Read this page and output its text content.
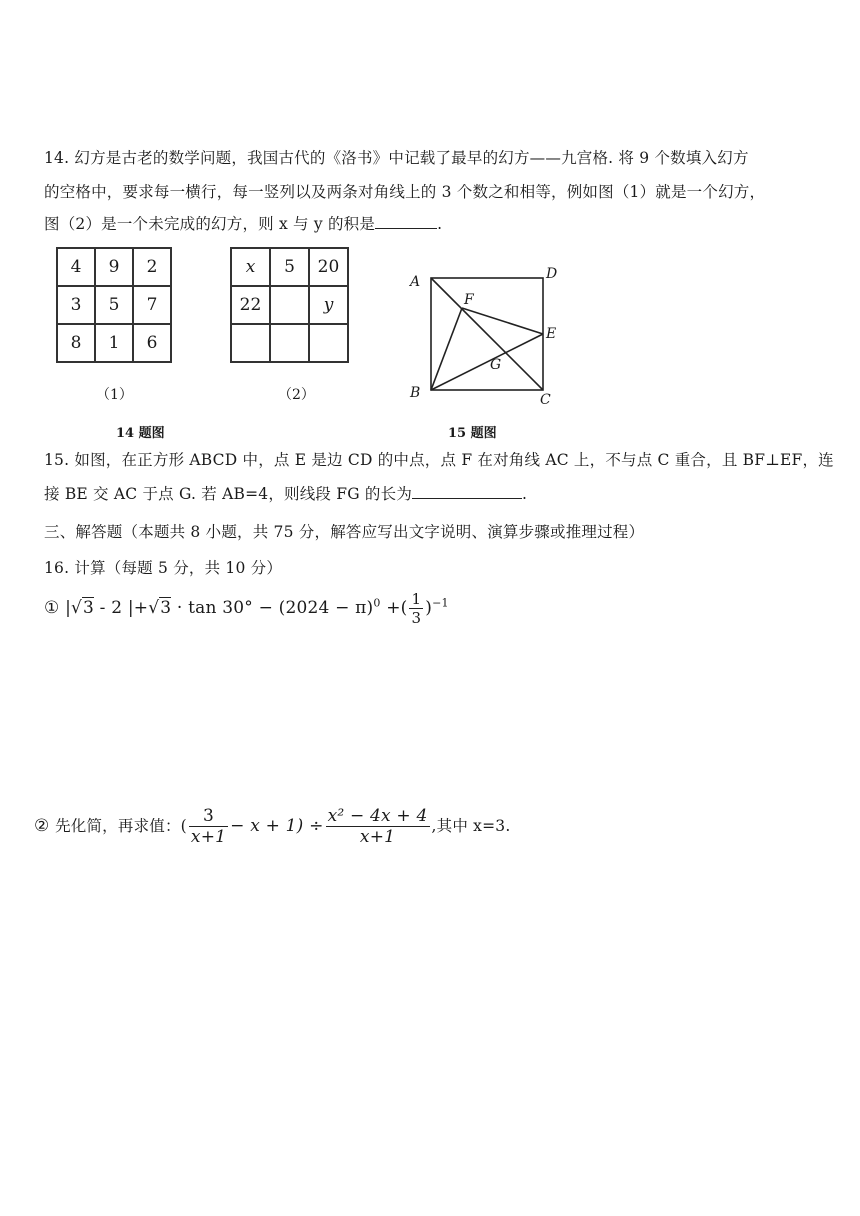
14. 幻方是古老的数学问题，我国古代的《洛书》中记载了最早的幻方——九宫格. 将 9 个数填入幻方
的空格中，要求每一横行，每一竖列以及两条对角线上的 3 个数之和相等，例如图（1）就是一个幻方，
图（2）是一个未完成的幻方，则 x 与 y 的积是	.
4	9	2
3	5	7
8	1	6
（1）
x	5	20
22		y

（2）
A	D
F
E
G
B	C
14 题图	15 题图
15. 如图，在正方形 ABCD 中，点 E 是边 CD 的中点，点 F 在对角线 AC 上，不与点 C 重合，且 BF⊥EF，连
接 BE 交 AC 于点 G. 若 AB=4，则线段 FG 的长为	.
三、解答题（本题共 8 小题，共 75 分，解答应写出文字说明、演算步骤或推理过程）
16. 计算（每题 5 分，共 10 分）
① |√3 - 2 $|+√3 \cdot \tan 30^\circ - (2024 - \pi)^0$ +( $\frac{1}{3} )^{-1}$
② 先化简，再求值：( $\frac{3}{x+1} - x + 1) \div \frac{\text{x² − 4x + 4}}{x+1}$ ,其中 x=3.
